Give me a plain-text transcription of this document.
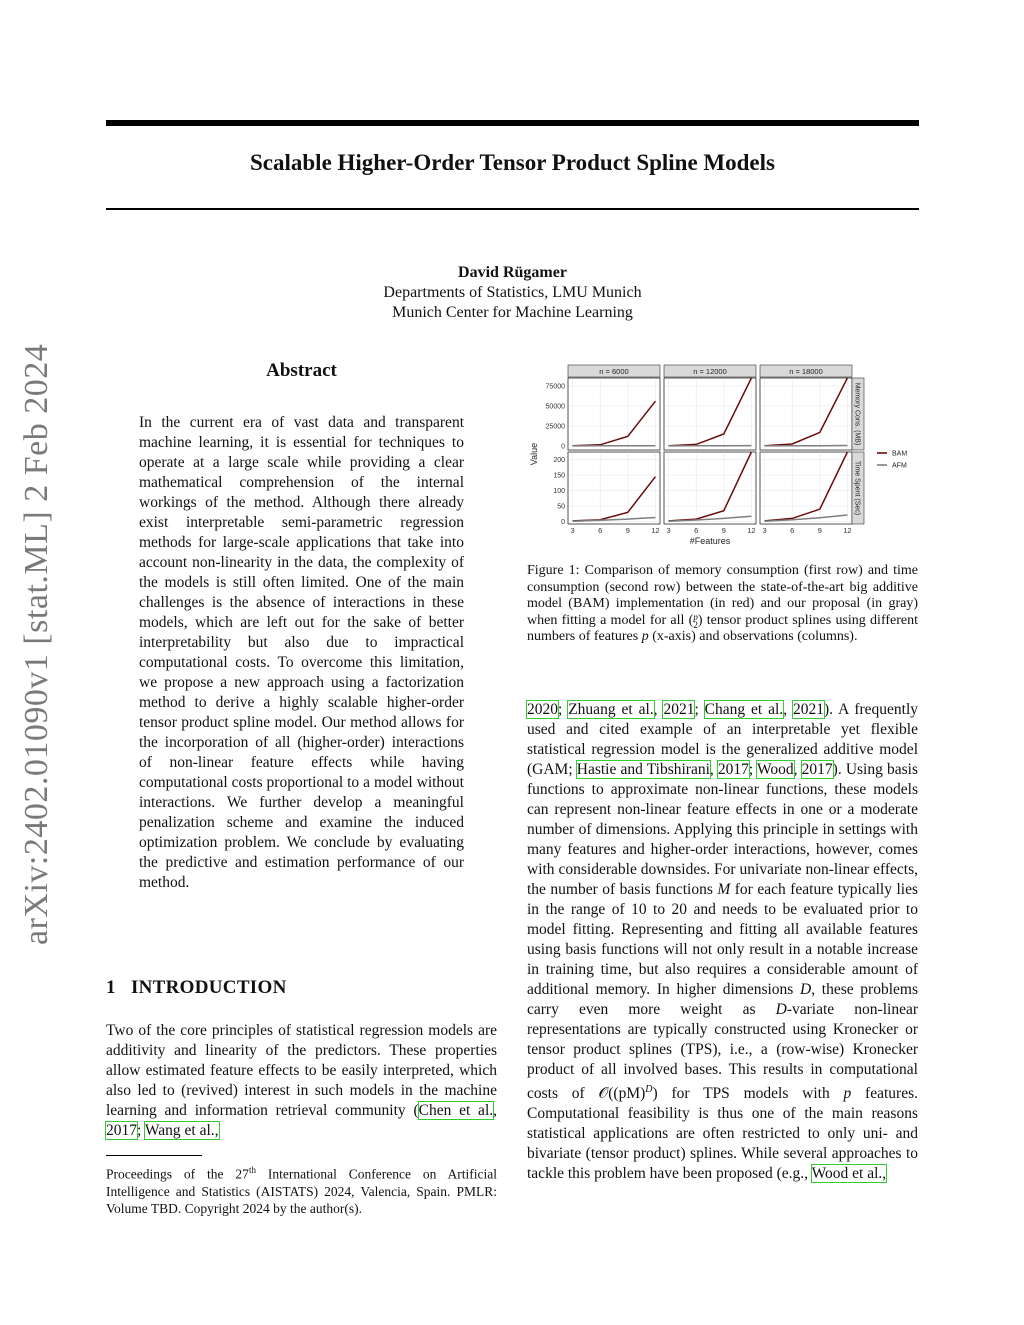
Scalable Higher-Order Tensor Product Spline Models
David Rügamer
Departments of Statistics, LMU Munich
Munich Center for Machine Learning
arXiv:2402.01090v1 [stat.ML] 2 Feb 2024	Abstract

In the current era of vast data and transparent machine learning, it is essential for techniques to operate at a large scale while providing a clear mathematical comprehension of the internal workings of the method. Although there already exist interpretable semi-parametric regression methods for large-scale applications that take into account non-linearity in the data, the complexity of the models is still often limited. One of the main challenges is the absence of interactions in these models, which are left out for the sake of better interpretability but also due to impractical computational costs. To overcome this limitation, we propose a new approach using a factorization method to derive a highly scalable higher-order tensor product spline model. Our method allows for the incorporation of all (higher-order) interactions of non-linear feature effects while having computational costs proportional to a model without interactions. We further develop a meaningful penalization scheme and examine the induced optimization problem. We conclude by evaluating the predictive and estimation performance of our method.

1 INTRODUCTION

Two of the core principles of statistical regression models are additivity and linearity of the predictors. These properties allow estimated feature effects to be easily interpreted, which also led to (revived) interest in such models in the machine learning and information retrieval community (Chen et al., 2017; Wang et al.,

Proceedings of the 27th International Conference on Artificial Intelligence and Statistics (AISTATS) 2024, Valencia, Spain. PMLR: Volume TBD. Copyright 2024 by the author(s).
n = 6000	n = 12000	n = 18000
0
25000
50000
75000	Memory Cons. (MB)
0
50
100
150
200
Time Spent (Sec)
3	6	9	12 3	6	9	12 3	6	9	12
#Features
Value	BAM
AFM
Figure 1: Comparison of memory consumption (first row) and time consumption (second row) between the state-of-the-art big additive model (BAM) implementation (in red) and our proposal (in gray) when fitting a model for all (p
2) tensor product splines using different numbers of features p (x-axis) and observations (columns).

2020; Zhuang et al., 2021; Chang et al., 2021). A frequently used and cited example of an interpretable yet flexible statistical regression model is the generalized additive model (GAM; Hastie and Tibshirani, 2017; Wood, 2017). Using basis functions to approximate non-linear functions, these models can represent non-linear feature effects in one or a moderate number of dimensions. Applying this principle in settings with many features and higher-order interactions, however, comes with considerable downsides. For univariate non-linear effects, the number of basis functions M for each feature typically lies in the range of 10 to 20 and needs to be evaluated prior to model fitting. Representing and fitting all available features using basis functions will not only result in a notable increase in training time, but also requires a considerable amount of additional memory. In higher dimensions D, these problems carry even more weight as D-variate non-linear representations are typically constructed using Kronecker or tensor product splines (TPS), i.e., a (row-wise) Kronecker product of all involved bases. This results in computational costs of 𝒪((pM)$^D$) for TPS models with p features. Computational feasibility is thus one of the main reasons statistical applications are often restricted to only uni- and bivariate (tensor product) splines. While several approaches to tackle this problem have been proposed (e.g., Wood et al.,
